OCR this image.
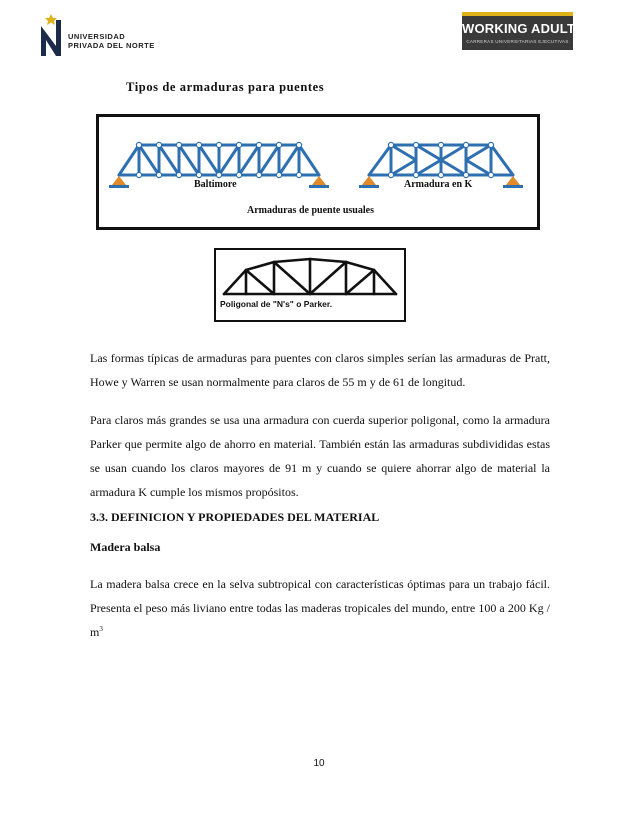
UNIVERSIDAD
PRIVADA DEL NORTE
WORKING ADULT
CARRERAS UNIVERSITARIAS EJECUTIVAS
Tipos de armaduras para puentes
Baltimore	Armadura en K
Armaduras de puente usuales
Poligonal de "N's" o Parker.

Las formas típicas de armaduras para puentes con claros simples serían las armaduras de Pratt, Howe y Warren se usan normalmente para claros de 55 m y de 61 de longitud.

Para claros más grandes se usa una armadura con cuerda superior poligonal, como la armadura Parker que permite algo de ahorro en material. También están las armaduras subdivididas estas se usan cuando los claros mayores de 91 m y cuando se quiere ahorrar algo de material la armadura K cumple los mismos propósitos.

3.3. DEFINICION Y PROPIEDADES DEL MATERIAL
Madera balsa

La madera balsa crece en la selva subtropical con características óptimas para un trabajo fácil. Presenta el peso más liviano entre todas las maderas tropicales del mundo, entre 100 a 200 Kg / $m^3$

10
